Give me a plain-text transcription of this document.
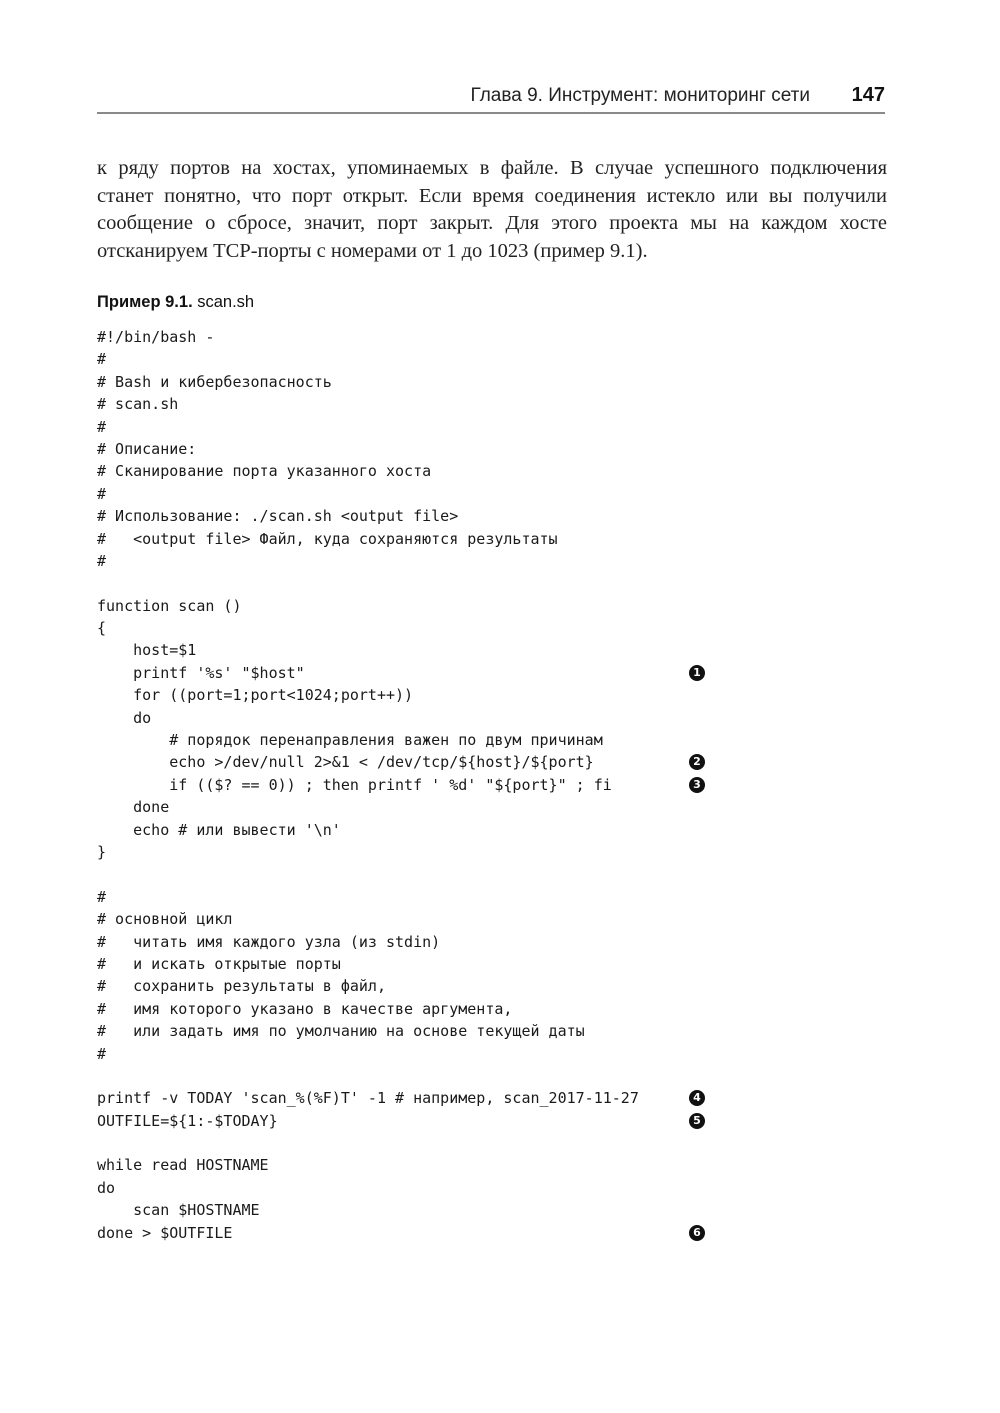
Глава 9. Инструмент: мониторинг сети 147

к ряду портов на хостах, упоминаемых в файле. В случае успешного подключения
станет понятно, что порт открыт. Если время соединения истекло или вы получили
сообщение о сбросе, значит, порт закрыт. Для этого проекта мы на каждом хосте
отсканируем TCP-порты с номерами от 1 до 1023 (пример 9.1).

Пример 9.1. scan.sh
#!/bin/bash -
#
# Bash и кибербезопасность
# scan.sh
#
# Описание:
# Сканирование порта указанного хоста
#
# Использование: ./scan.sh <output file>
#   <output file> Файл, куда сохраняются результаты
#
function scan ()
{
host=$1
printf '%s' "$host"	1
for ((port=1;port<1024;port++))
do
# порядок перенаправления важен по двум причинам
echo >/dev/null 2>&1 < /dev/tcp/${host}/${port}	2
if (($? == 0)) ; then printf ' %d' "${port}" ; fi	3
done
echo # или вывести '\n'
}
#
# основной цикл
#   читать имя каждого узла (из stdin)
#   и искать открытые порты
#   сохранить результаты в файл,
#   имя которого указано в качестве аргумента,
#   или задать имя по умолчанию на основе текущей даты
#
printf -v TODAY 'scan_%(%F)T' -1 # например, scan_2017-11-27	4
OUTFILE=${1:-$TODAY}	5
while read HOSTNAME
do
scan $HOSTNAME
done > $OUTFILE	6
